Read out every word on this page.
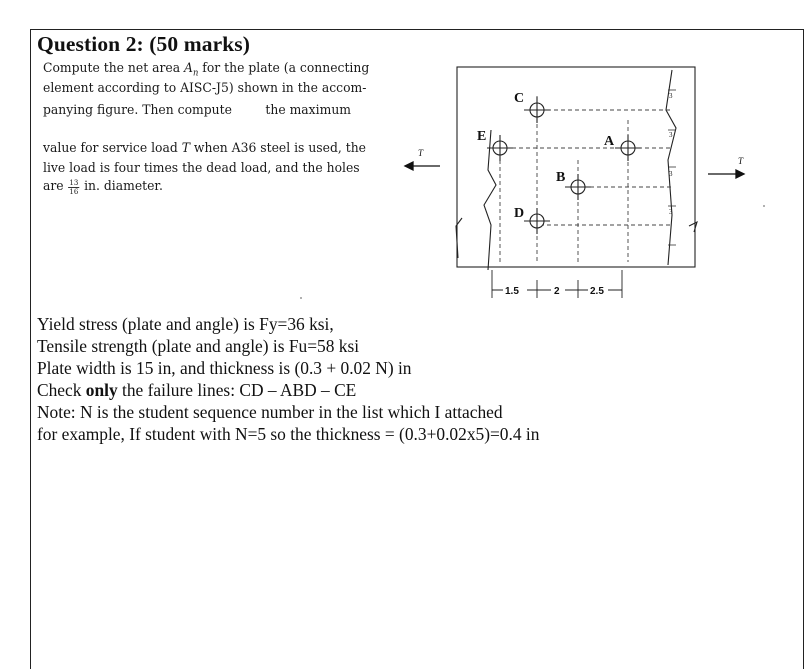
Question 2: (50 marks)
Compute the net area $A_n$ for the plate (a connecting
element according to AISC-J5) shown in the accom-
panying figure. Then compute	the maximum
value for service load T when A36 steel is used, the
live load is four times the dead load, and the holes
are $\frac{13}{16}$ in. diameter.
C
E	A
B
D
3
3
3
3
T
T
1.5	2	2.5
Yield stress (plate and angle) is Fy=36 ksi,
Tensile strength (plate and angle) is Fu=58 ksi
Plate width is 15 in, and thickness is (0.3 + 0.02 N) in
Check only the failure lines: CD – ABD – CE
Note: N is the student sequence number in the list which I attached
for example, If student with N=5 so the thickness = (0.3+0.02x5)=0.4 in
